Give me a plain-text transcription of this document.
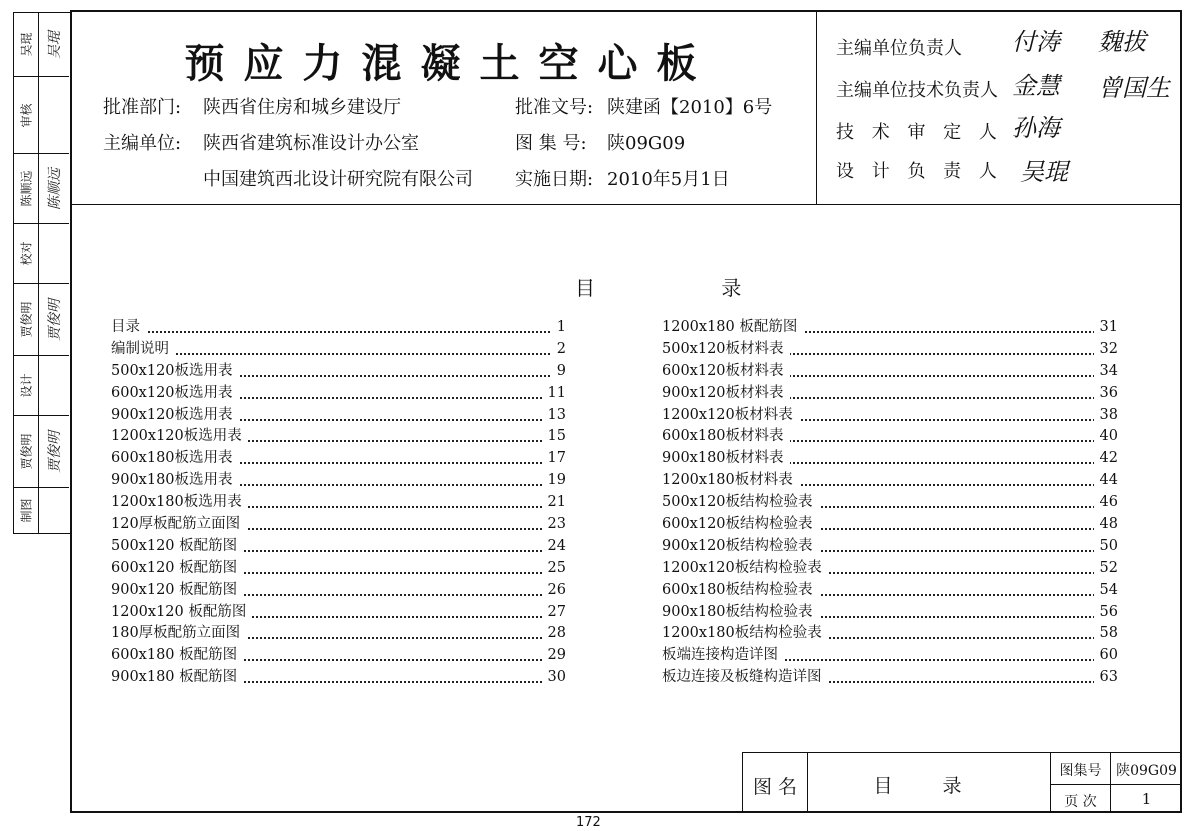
吴琨 吴琨
审核
陈顺远 陈顺远
校对
贾俊明 贾俊明
设计
贾俊明 贾俊明
制图
预应力混凝土空心板
批准部门: 陕西省住房和城乡建设厅
主编单位: 陕西省建筑标准设计办公室
中国建筑西北设计研究院有限公司
批准文号: 陕建函【2010】6号
图 集 号: 陕09G09
实施日期: 2010年5月1日
主编单位负责人 付涛 魏拔
主编单位技术负责人 金慧 曾国生
技 术 审 定 人 孙海
设 计 负 责 人 吴琨
目 录
目录	1
编制说明	2
500x120板选用表	9
600x120板选用表	11
900x120板选用表	13
1200x120板选用表	15
600x180板选用表	17
900x180板选用表	19
1200x180板选用表	21
120厚板配筋立面图	23
500x120 板配筋图	24
600x120 板配筋图	25
900x120 板配筋图	26
1200x120 板配筋图	27
180厚板配筋立面图	28
600x180 板配筋图	29
900x180 板配筋图	30
1200x180 板配筋图	31
500x120板材料表	32
600x120板材料表	34
900x120板材料表	36
1200x120板材料表	38
600x180板材料表	40
900x180板材料表	42
1200x180板材料表	44
500x120板结构检验表	46
600x120板结构检验表	48
900x120板结构检验表	50
1200x120板结构检验表	52
600x180板结构检验表	54
900x180板结构检验表	56
1200x180板结构检验表	58
板端连接构造详图	60
板边连接及板缝构造详图	63
图 名	目 录
图集号	陕09G09
页 次	1
172
